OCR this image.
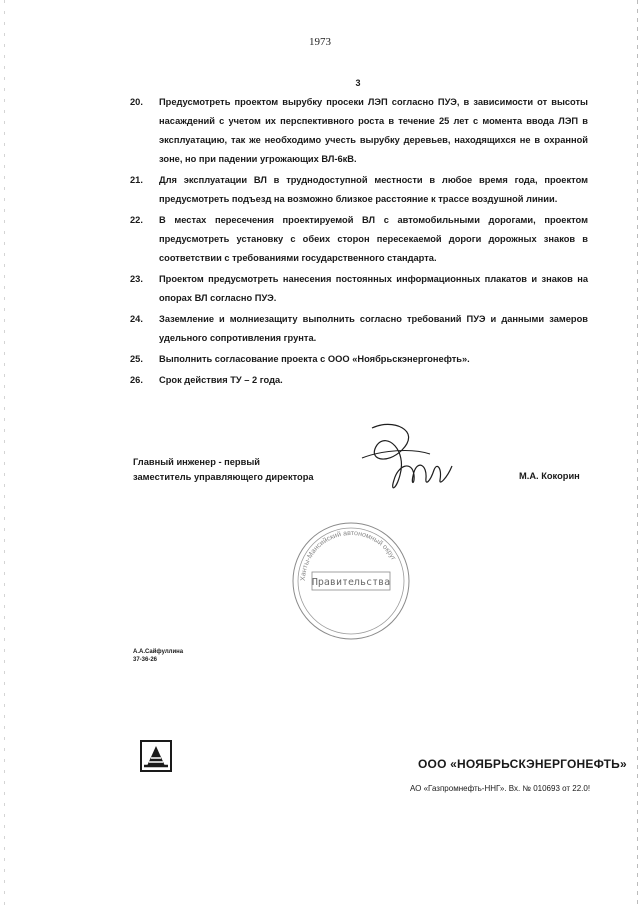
1973
3
20. Предусмотреть проектом вырубку просеки ЛЭП согласно ПУЭ, в зависимости от высоты насаждений с учетом их перспективного роста в течение 25 лет с момента ввода ЛЭП в эксплуатацию, так же необходимо учесть вырубку деревьев, находящихся не в охранной зоне, но при падении угрожающих ВЛ-6кВ.
21. Для эксплуатации ВЛ в труднодоступной местности в любое время года, проектом предусмотреть подъезд на возможно близкое расстояние к трассе воздушной линии.
22. В местах пересечения проектируемой ВЛ с автомобильными дорогами, проектом предусмотреть установку с обеих сторон пересекаемой дороги дорожных знаков в соответствии с требованиями государственного стандарта.
23. Проектом предусмотреть нанесения постоянных информационных плакатов и знаков на опорах ВЛ согласно ПУЭ.
24. Заземление и молниезащиту выполнить согласно требований ПУЭ и данными замеров удельного сопротивления грунта.
25. Выполнить согласование проекта с ООО «Ноябрьскэнергонефть».
26. Срок действия ТУ – 2 года.
Главный инженер - первый
заместитель управляющего директора	М.А. Кокорин
Ханты-Мансийский автономный округ
Правительства
А.А.Сайфуллина
37-36-26
ООО «НОЯБРЬСКЭНЕРГОНЕФТЬ»
АО «Газпромнефть-ННГ». Вх. № 010693 от 22.0!
